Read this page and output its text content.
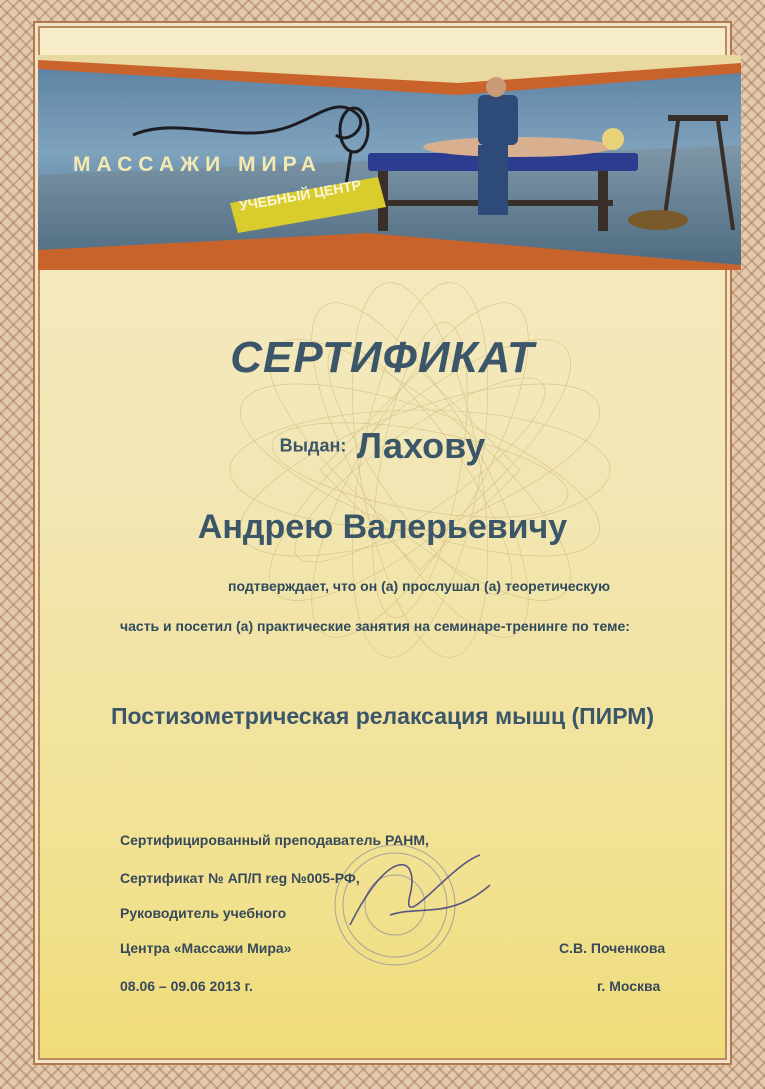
МАССАЖИ МИРА
УЧЕБНЫЙ ЦЕНТР
СЕРТИФИКАТ
Выдан: Лахову
Андрею Валерьевичу
подтверждает, что он (а) прослушал (а) теоретическую
часть и посетил (а) практические занятия на семинаре-тренинге по теме:
Постизометрическая релаксация мышц (ПИРМ)
Сертифицированный преподаватель РАНМ,
Сертификат № АП/П reg №005-РФ,
Руководитель учебного
Центра «Массажи Мира»
08.06 – 09.06 2013 г.
С.В. Поченкова
г. Москва
